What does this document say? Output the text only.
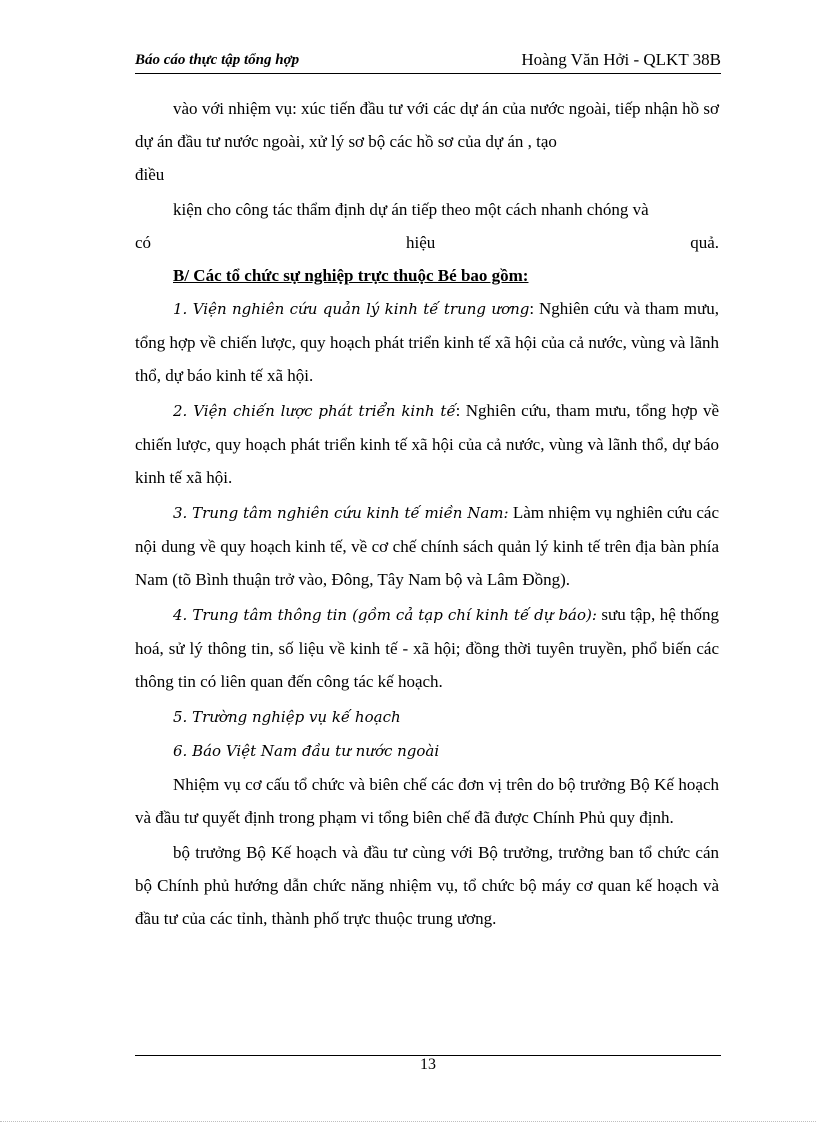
Báo cáo thực tập tổng hợp	Hoàng Văn Hởi - QLKT 38B

vào với nhiệm vụ: xúc tiến đầu tư với các dự án của nước ngoài, tiếp nhận hồ sơ dự án đầu tư nước ngoài, xử lý sơ bộ các hồ sơ của dự án , tạo

điều

kiện cho công tác thẩm định dự án tiếp theo một cách nhanh chóng và

có	hiệu	quả.

B/ Các tổ chức sự nghiệp trực thuộc Bé bao gồm:

1. Viện nghiên cứu quản lý kinh tế trung ương: Nghiên cứu và tham mưu, tổng hợp về chiến lược, quy hoạch phát triển kinh tế xã hội của cả nước, vùng và lãnh thổ, dự báo kinh tế xã hội.

2. Viện chiến lược phát triển kinh tế: Nghiên cứu, tham mưu, tổng hợp về chiến lược, quy hoạch phát triển kinh tế xã hội của cả nước, vùng và lãnh thổ, dự báo kinh tế xã hội.

3. Trung tâm nghiên cứu kinh tế miền Nam: Làm nhiệm vụ nghiên cứu các nội dung về quy hoạch kinh tế, về cơ chế chính sách quản lý kinh tế trên địa bàn phía Nam (tõ Bình thuận trở vào, Đông, Tây Nam bộ và Lâm Đồng).

4. Trung tâm thông tin (gồm cả tạp chí kinh tế dự báo): sưu tập, hệ thống hoá, sử lý thông tin, số liệu về kinh tế - xã hội; đồng thời tuyên truyền, phổ biến các thông tin có liên quan đến công tác kế hoạch.

5. Trường nghiệp vụ kế hoạch

6. Báo Việt Nam đầu tư nước ngoài

Nhiệm vụ cơ cấu tổ chức và biên chế các đơn vị trên do bộ trưởng Bộ Kế hoạch và đầu tư quyết định trong phạm vi tổng biên chế đã được Chính Phủ quy định.

bộ trưởng Bộ Kế hoạch và đầu tư cùng với Bộ trưởng, trưởng ban tổ chức cán bộ Chính phủ hướng dẫn chức năng nhiệm vụ, tổ chức bộ máy cơ quan kế hoạch và đầu tư của các tỉnh, thành phố trực thuộc trung ương.

13
